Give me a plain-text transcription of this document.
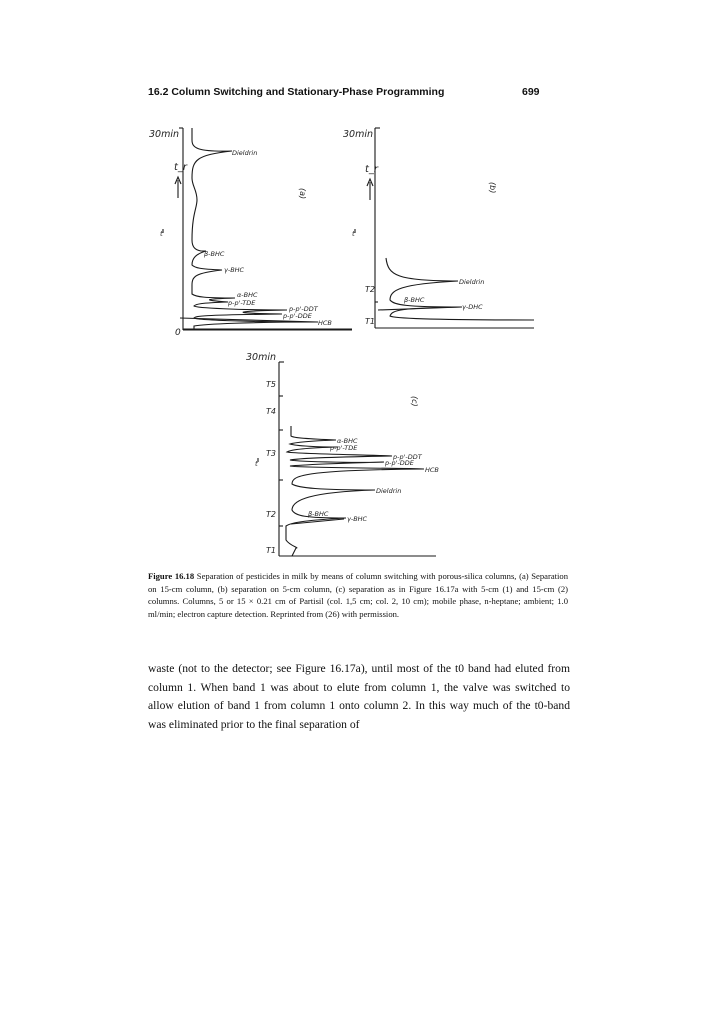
16.2 Column Switching and Stationary-Phase Programming	699
30min
t_r
0
(a)
Dieldrin
β-BHC
γ-BHC
α-BHC
p-p'-TDE
p-p'-DDT
p-p'-DDE
HCB
30min
t_r
(b)
T2
T1
Dieldrin
β-BHC
γ-DHC
30min
(c)
T5
T4
T3
T2
T1
α-BHC
p-p'-TDE
p-p'-DDT
p-p'-DDE
HCB
Dieldrin
β-BHC
γ-BHC
t	t
t
Figure 16.18 Separation of pesticides in milk by means of column switching with porous-silica columns, (a) Separation on 15-cm column, (b) separation on 5-cm column, (c) separation as in Figure 16.17a with 5-cm (1) and 15-cm (2) columns. Columns, 5 or 15 × 0.21 cm of Partisil (col. 1,5 cm; col. 2, 10 cm); mobile phase, n-heptane; ambient; 1.0 ml/min; electron capture detection. Reprinted from (26) with permission.

waste (not to the detector; see Figure 16.17a), until most of the t0 band had eluted from column 1. When band 1 was about to elute from column 1, the valve was switched to allow elution of band 1 from column 1 onto column 2. In this way much of the t0-band was eliminated prior to the final separation of
